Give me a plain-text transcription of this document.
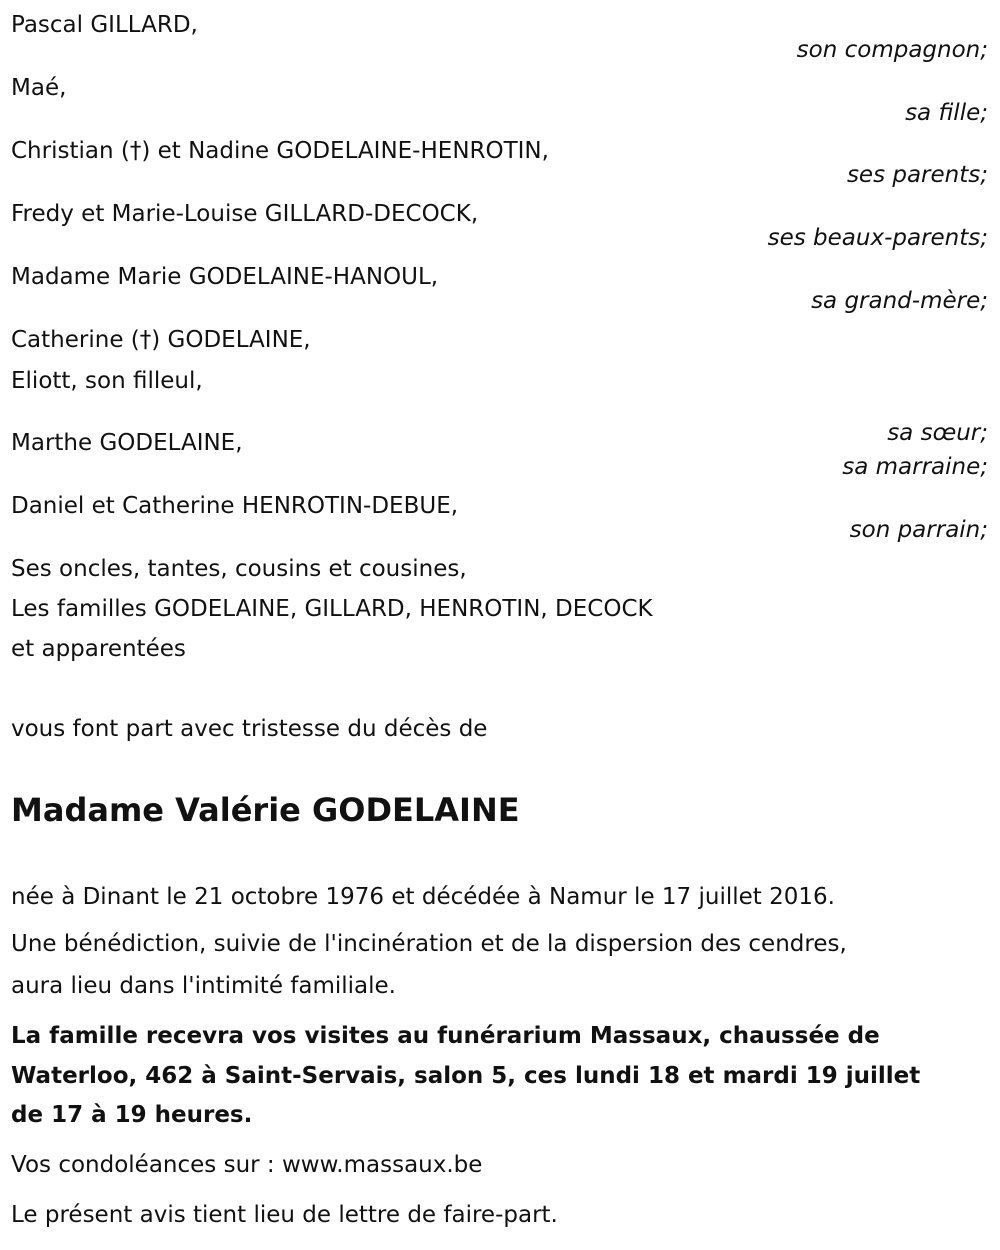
Pascal GILLARD,
son compagnon;
Maé,
sa fille;
Christian (†) et Nadine GODELAINE-HENROTIN,
ses parents;
Fredy et Marie-Louise GILLARD-DECOCK,
ses beaux-parents;
Madame Marie GODELAINE-HANOUL,
sa grand-mère;
Catherine (†) GODELAINE,
Eliott, son filleul,
sa sœur;
Marthe GODELAINE,
sa marraine;
Daniel et Catherine HENROTIN-DEBUE,
son parrain;
Ses oncles, tantes, cousins et cousines,
Les familles GODELAINE, GILLARD, HENROTIN, DECOCK
et apparentées
vous font part avec tristesse du décès de
Madame Valérie GODELAINE
née à Dinant le 21 octobre 1976 et décédée à Namur le 17 juillet 2016.
Une bénédiction, suivie de l'incinération et de la dispersion des cendres,
aura lieu dans l'intimité familiale.
La famille recevra vos visites au funérarium Massaux, chaussée de
Waterloo, 462 à Saint-Servais, salon 5, ces lundi 18 et mardi 19 juillet
de 17 à 19 heures.
Vos condoléances sur : www.massaux.be
Le présent avis tient lieu de lettre de faire-part.
